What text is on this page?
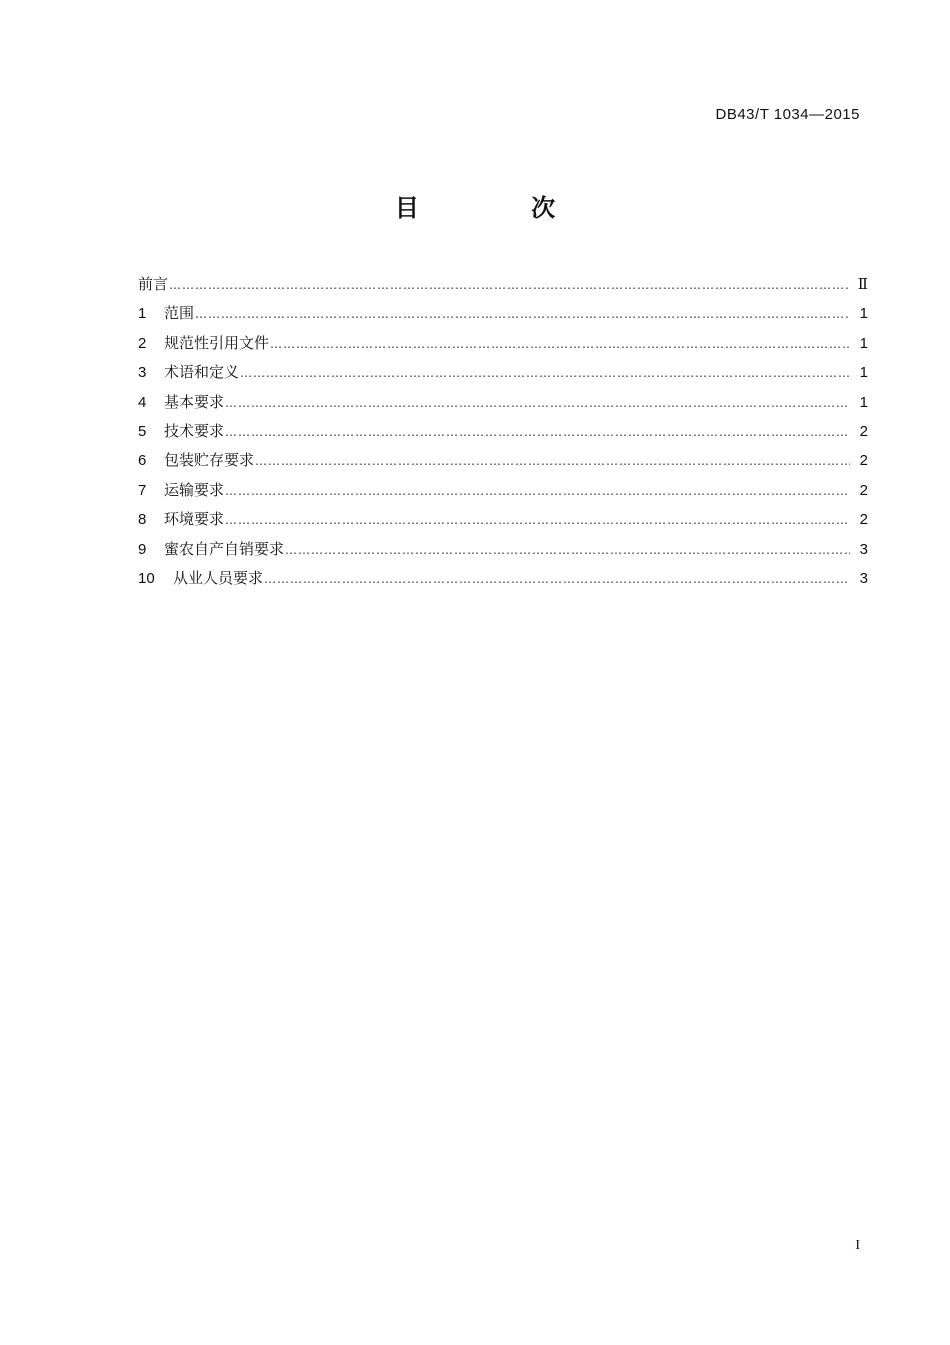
DB43/T 1034—2015
目 次
前言 …………………………………………………………………………………………………………………………………………………………………………	Ⅱ
1	范围 …………………………………………………………………………………………………………………………………………………………………………	1
2	规范性引用文件 …………………………………………………………………………………………………………………………………………………………………………	1
3	术语和定义 …………………………………………………………………………………………………………………………………………………………………………	1
4	基本要求 …………………………………………………………………………………………………………………………………………………………………………	1
5	技术要求 …………………………………………………………………………………………………………………………………………………………………………	2
6	包装贮存要求 …………………………………………………………………………………………………………………………………………………………………………	2
7	运输要求 …………………………………………………………………………………………………………………………………………………………………………	2
8	环境要求 …………………………………………………………………………………………………………………………………………………………………………	2
9	蜜农自产自销要求 …………………………………………………………………………………………………………………………………………………………………………	3
10	从业人员要求 …………………………………………………………………………………………………………………………………………………………………………	3
I
